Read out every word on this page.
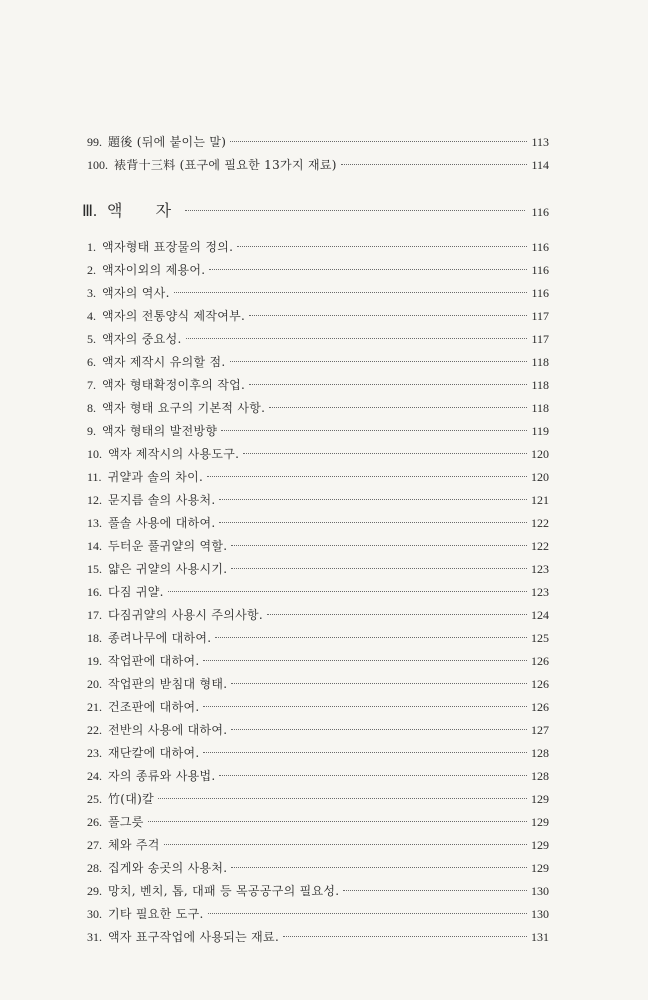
99. 題後 (뒤에 붙이는 말)	113
100. 裱背十三料 (표구에 필요한 13가지 재료)	114
Ⅲ. 액 자	116
1. 액자형태 표장물의 정의.	116
2. 액자이외의 제용어.	116
3. 액자의 역사.	116
4. 액자의 전통양식 제작여부.	117
5. 액자의 중요성.	117
6. 액자 제작시 유의할 점.	118
7. 액자 형태확정이후의 작업.	118
8. 액자 형태 요구의 기본적 사항.	118
9. 액자 형태의 발전방향	119
10. 액자 제작시의 사용도구.	120
11. 귀얄과 솔의 차이.	120
12. 문지름 솔의 사용처.	121
13. 풀솔 사용에 대하여.	122
14. 두터운 풀귀얄의 역할.	122
15. 얇은 귀얄의 사용시기.	123
16. 다짐 귀얄.	123
17. 다짐귀얄의 사용시 주의사항.	124
18. 종려나무에 대하여.	125
19. 작업판에 대하여.	126
20. 작업판의 받침대 형태.	126
21. 건조판에 대하여.	126
22. 전반의 사용에 대하여.	127
23. 재단칼에 대하여.	128
24. 자의 종류와 사용법.	128
25. 竹(대)칼	129
26. 풀그릇	129
27. 체와 주걱	129
28. 집게와 송곳의 사용처.	129
29. 망치, 벤치, 톱, 대패 등 목공공구의 필요성.	130
30. 기타 필요한 도구.	130
31. 액자 표구작업에 사용되는 재료.	131
